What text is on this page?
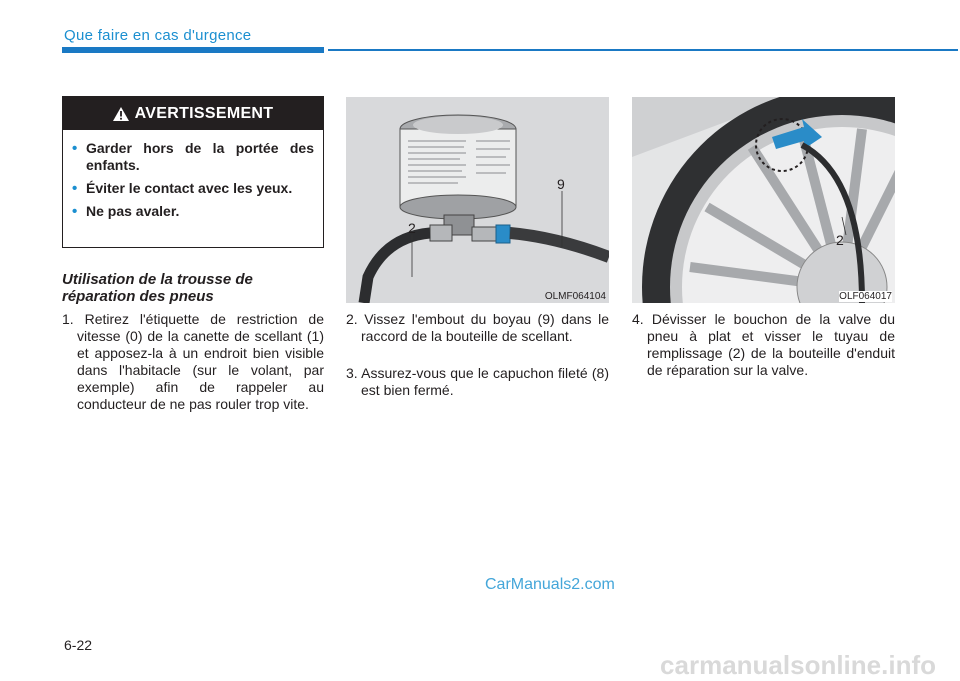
Que faire en cas d'urgence
AVERTISSEMENT
• Garder hors de la portée des enfants.
• Éviter le contact avec les yeux.
• Ne pas avaler.
Utilisation de la trousse de réparation des pneus
1. Retirez l'étiquette de restriction de vitesse (0) de la canette de scellant (1) et apposez-la à un endroit bien visible dans l'habitacle (sur le volant, par exemple) afin de rappeler au conducteur de ne pas rouler trop vite.
2
9
OLMF064104
2. Vissez l'embout du boyau (9) dans le raccord de la bouteille de scellant.
3. Assurez-vous que le capuchon fileté (8) est bien fermé.
2
OLF064017
4. Dévisser le bouchon de la valve du pneu à plat et visser le tuyau de remplissage (2) de la bouteille d'enduit de réparation sur la valve.
CarManuals2.com
6-22
carmanualsonline.info
